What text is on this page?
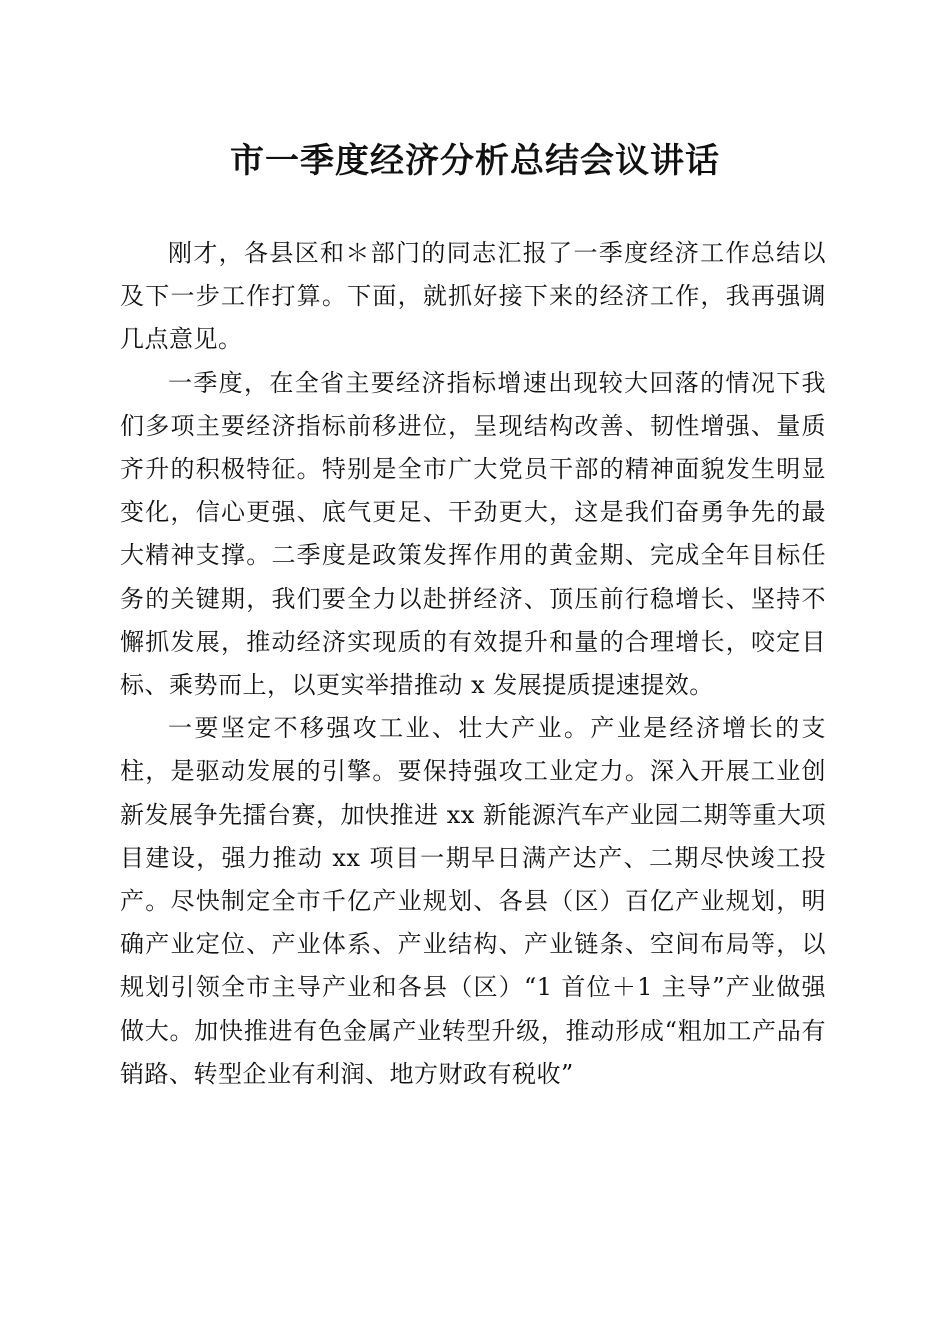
市一季度经济分析总结会议讲话

刚才，各县区和＊部门的同志汇报了一季度经济工作总结以及下一步工作打算。下面，就抓好接下来的经济工作，我再强调几点意见。

一季度，在全省主要经济指标增速出现较大回落的情况下我们多项主要经济指标前移进位，呈现结构改善、韧性增强、量质齐升的积极特征。特别是全市广大党员干部的精神面貌发生明显变化，信心更强、底气更足、干劲更大，这是我们奋勇争先的最大精神支撑。二季度是政策发挥作用的黄金期、完成全年目标任务的关键期，我们要全力以赴拼经济、顶压前行稳增长、坚持不懈抓发展，推动经济实现质的有效提升和量的合理增长，咬定目标、乘势而上，以更实举措推动 x 发展提质提速提效。

一要坚定不移强攻工业、壮大产业。产业是经济增长的支柱，是驱动发展的引擎。要保持强攻工业定力。深入开展工业创新发展争先擂台赛，加快推进 xx 新能源汽车产业园二期等重大项目建设，强力推动 xx 项目一期早日满产达产、二期尽快竣工投产。尽快制定全市千亿产业规划、各县（区）百亿产业规划，明确产业定位、产业体系、产业结构、产业链条、空间布局等，以规划引领全市主导产业和各县（区）“1 首位＋1 主导”产业做强做大。加快推进有色金属产业转型升级，推动形成“粗加工产品有销路、转型企业有利润、地方财政有税收”
